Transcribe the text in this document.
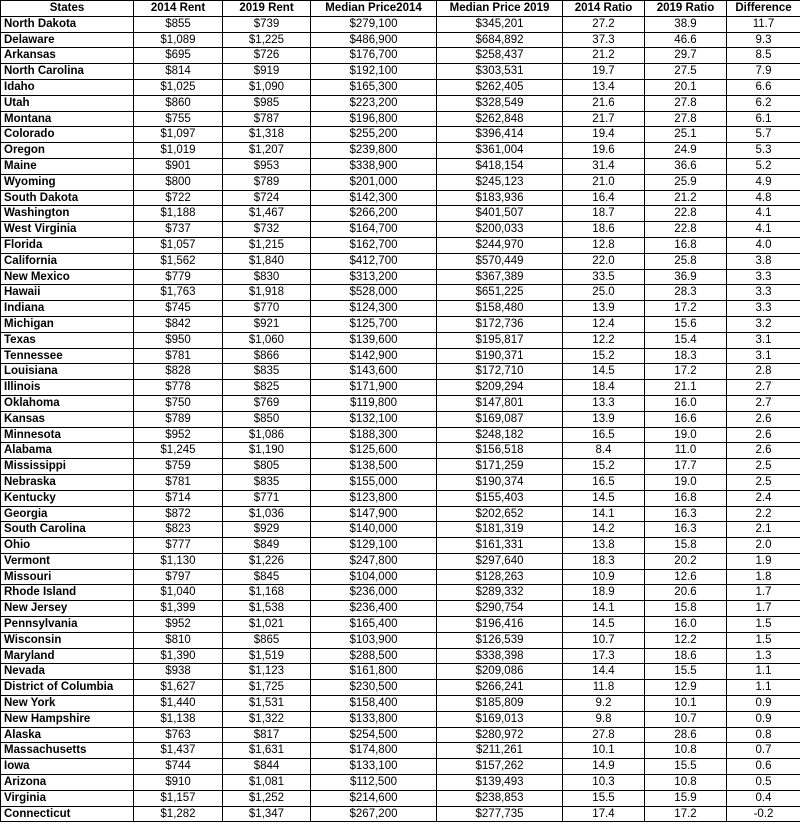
States	2014 Rent	2019 Rent	Median Price2014	Median Price 2019	2014 Ratio	2019 Ratio	Difference
North Dakota	$855	$739	$279,100	$345,201	27.2	38.9	11.7
Delaware	$1,089	$1,225	$486,900	$684,892	37.3	46.6	9.3
Arkansas	$695	$726	$176,700	$258,437	21.2	29.7	8.5
North Carolina	$814	$919	$192,100	$303,531	19.7	27.5	7.9
Idaho	$1,025	$1,090	$165,300	$262,405	13.4	20.1	6.6
Utah	$860	$985	$223,200	$328,549	21.6	27.8	6.2
Montana	$755	$787	$196,800	$262,848	21.7	27.8	6.1
Colorado	$1,097	$1,318	$255,200	$396,414	19.4	25.1	5.7
Oregon	$1,019	$1,207	$239,800	$361,004	19.6	24.9	5.3
Maine	$901	$953	$338,900	$418,154	31.4	36.6	5.2
Wyoming	$800	$789	$201,000	$245,123	21.0	25.9	4.9
South Dakota	$722	$724	$142,300	$183,936	16.4	21.2	4.8
Washington	$1,188	$1,467	$266,200	$401,507	18.7	22.8	4.1
West Virginia	$737	$732	$164,700	$200,033	18.6	22.8	4.1
Florida	$1,057	$1,215	$162,700	$244,970	12.8	16.8	4.0
California	$1,562	$1,840	$412,700	$570,449	22.0	25.8	3.8
New Mexico	$779	$830	$313,200	$367,389	33.5	36.9	3.3
Hawaii	$1,763	$1,918	$528,000	$651,225	25.0	28.3	3.3
Indiana	$745	$770	$124,300	$158,480	13.9	17.2	3.3
Michigan	$842	$921	$125,700	$172,736	12.4	15.6	3.2
Texas	$950	$1,060	$139,600	$195,817	12.2	15.4	3.1
Tennessee	$781	$866	$142,900	$190,371	15.2	18.3	3.1
Louisiana	$828	$835	$143,600	$172,710	14.5	17.2	2.8
Illinois	$778	$825	$171,900	$209,294	18.4	21.1	2.7
Oklahoma	$750	$769	$119,800	$147,801	13.3	16.0	2.7
Kansas	$789	$850	$132,100	$169,087	13.9	16.6	2.6
Minnesota	$952	$1,086	$188,300	$248,182	16.5	19.0	2.6
Alabama	$1,245	$1,190	$125,600	$156,518	8.4	11.0	2.6
Mississippi	$759	$805	$138,500	$171,259	15.2	17.7	2.5
Nebraska	$781	$835	$155,000	$190,374	16.5	19.0	2.5
Kentucky	$714	$771	$123,800	$155,403	14.5	16.8	2.4
Georgia	$872	$1,036	$147,900	$202,652	14.1	16.3	2.2
South Carolina	$823	$929	$140,000	$181,319	14.2	16.3	2.1
Ohio	$777	$849	$129,100	$161,331	13.8	15.8	2.0
Vermont	$1,130	$1,226	$247,800	$297,640	18.3	20.2	1.9
Missouri	$797	$845	$104,000	$128,263	10.9	12.6	1.8
Rhode Island	$1,040	$1,168	$236,000	$289,332	18.9	20.6	1.7
New Jersey	$1,399	$1,538	$236,400	$290,754	14.1	15.8	1.7
Pennsylvania	$952	$1,021	$165,400	$196,416	14.5	16.0	1.5
Wisconsin	$810	$865	$103,900	$126,539	10.7	12.2	1.5
Maryland	$1,390	$1,519	$288,500	$338,398	17.3	18.6	1.3
Nevada	$938	$1,123	$161,800	$209,086	14.4	15.5	1.1
District of Columbia	$1,627	$1,725	$230,500	$266,241	11.8	12.9	1.1
New York	$1,440	$1,531	$158,400	$185,809	9.2	10.1	0.9
New Hampshire	$1,138	$1,322	$133,800	$169,013	9.8	10.7	0.9
Alaska	$763	$817	$254,500	$280,972	27.8	28.6	0.8
Massachusetts	$1,437	$1,631	$174,800	$211,261	10.1	10.8	0.7
Iowa	$744	$844	$133,100	$157,262	14.9	15.5	0.6
Arizona	$910	$1,081	$112,500	$139,493	10.3	10.8	0.5
Virginia	$1,157	$1,252	$214,600	$238,853	15.5	15.9	0.4
Connecticut	$1,282	$1,347	$267,200	$277,735	17.4	17.2	-0.2
